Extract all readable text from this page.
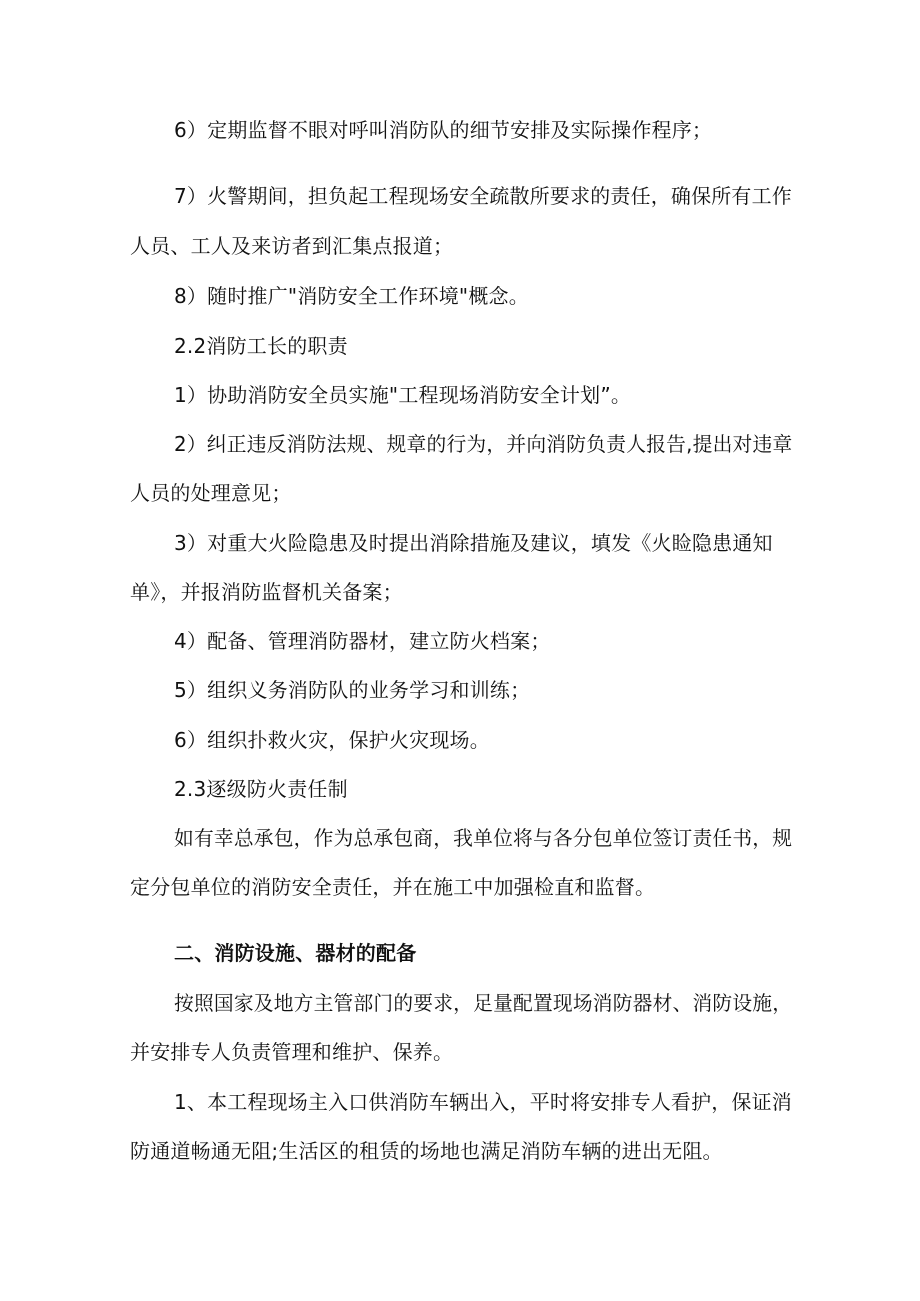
6）定期监督不眼对呼叫消防队的细节安排及实际操作程序；
7）火警期间，担负起工程现场安全疏散所要求的责任，确保所有工作
人员、工人及来访者到汇集点报道；
8）随时推广"消防安全工作环境"概念。
2.2消防工长的职责
1）协助消防安全员实施"工程现场消防安全计划”。
2）纠正违反消防法规、规章的行为，并向消防负责人报告,提出对违章
人员的处理意见；
3）对重大火险隐患及时提出消除措施及建议，填发《火睑隐患通知
单》，并报消防监督机关备案；
4）配备、管理消防器材，建立防火档案；
5）组织义务消防队的业务学习和训练；
6）组织扑救火灾，保护火灾现场。
2.3逐级防火责任制
如有幸总承包，作为总承包商，我单位将与各分包单位签订责任书，规
定分包单位的消防安全责任，并在施工中加强检直和监督。
二、消防设施、器材的配备
按照国家及地方主管部门的要求，足量配置现场消防器材、消防设施，
并安排专人负责管理和维护、保养。
1、本工程现场主入口供消防车辆出入，平时将安排专人看护，保证消
防通道畅通无阻;生活区的租赁的场地也满足消防车辆的进出无阻。
